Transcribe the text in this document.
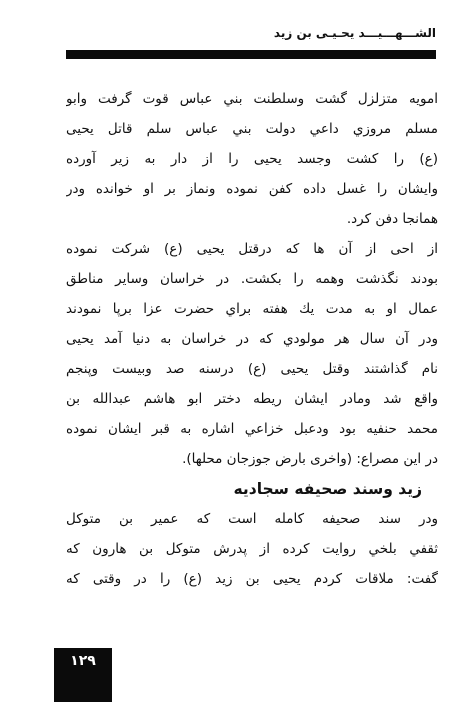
الشـــهـــيـــد يحـيـى بن زيد
امويه متزلزل گشت وسلطنت بني عباس قوت گرفت وابو
مسلم مروزي داعي دولت بني عباس سلم قاتل يحيى
(ع) را كشت وجسد يحيى را از دار به زير آورده
وايشان را غسل داده كفن نموده ونماز بر او خوانده ودر
همانجا دفن كرد.
از احى از آن ها كه درقتل يحيى (ع) شركت نموده
بودند نگذشت وهمه را بكشت. در خراسان وساير مناطق
عمال او به مدت يك هفته براي حضرت عزا برپا نمودند
ودر آن سال هر مولودي كه در خراسان به دنيا آمد يحيى
نام گذاشتند وقتل يحيى (ع) درسنه صد وبيست وپنجم
واقع شد ومادر ايشان ريطه دختر ابو هاشم عبدالله بن
محمد حنفيه بود ودعبل خزاعي اشاره به قبر ايشان نموده
در اين مصراع: (واخرى بارض جوزجان محلها).
زيد وسند صحيفه سجاديه
ودر سند صحيفه كامله است كه عمير بن متوكل
ثقفي بلخي روايت كرده از پدرش متوكل بن هارون كه
گفت: ملاقات كردم يحيى بن زيد (ع) را در وقتى كه
١٢٩
